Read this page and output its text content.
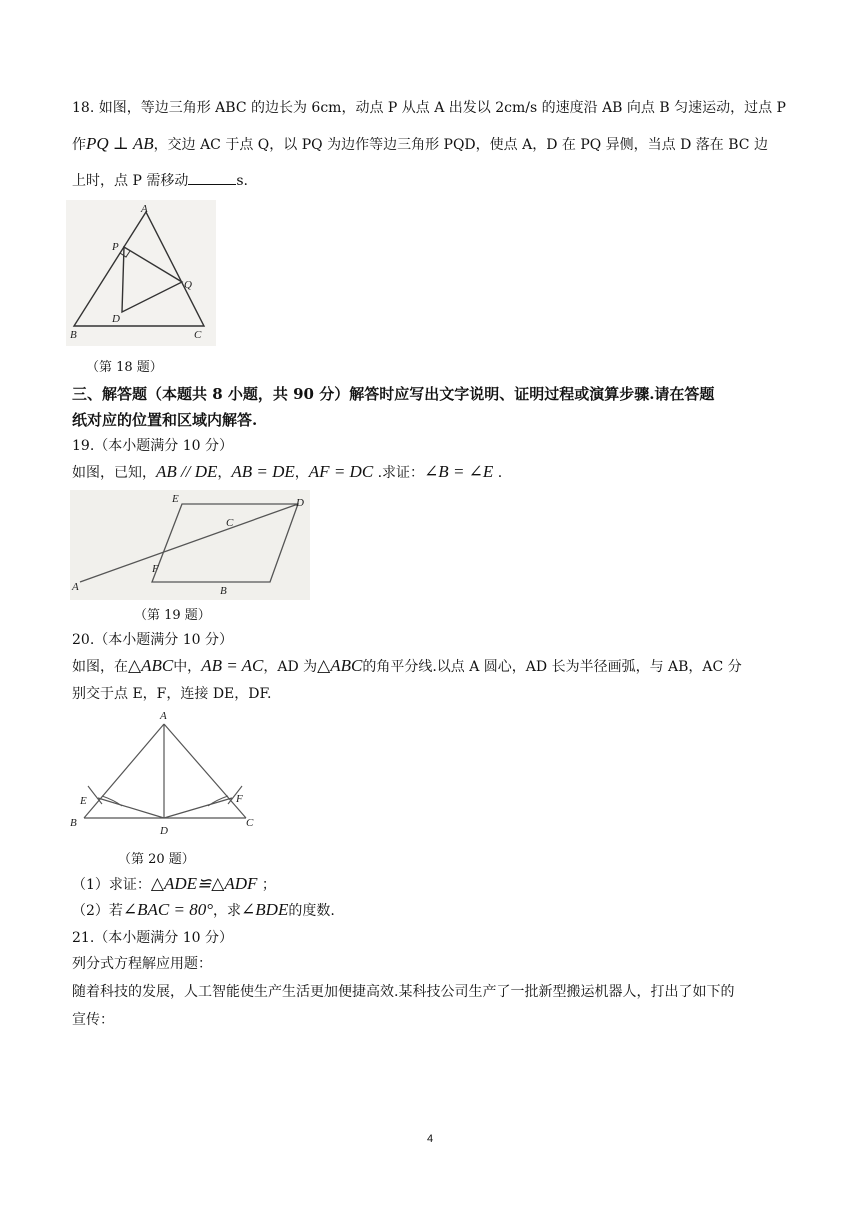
18. 如图，等边三角形 ABC 的边长为 6cm，动点 P 从点 A 出发以 2cm/s 的速度沿 AB 向点 B 匀速运动，过点 P
作PQ ⊥ AB，交边 AC 于点 Q，以 PQ 为边作等边三角形 PQD，使点 A，D 在 PQ 异侧，当点 D 落在 BC 边
上时，点 P 需移动	s.
A
P
Q
D
B	C
（第 18 题）
三、解答题（本题共 8 小题，共 90 分）解答时应写出文字说明、证明过程或演算步骤.请在答题
纸对应的位置和区域内解答.
19.（本小题满分 10 分）
如图，已知，AB // DE，AB = DE，AF = DC .求证：∠B = ∠E .
E	D
C
F
A	B
（第 19 题）
20.（本小题满分 10 分）
如图，在△ABC中，AB = AC，AD 为△ABC的角平分线.以点 A 圆心，AD 长为半径画弧，与 AB，AC 分
别交于点 E，F，连接 DE，DF.
A
E	F
B	C
D
（第 20 题）
（1）求证：△ADE≌△ADF ；
（2）若∠BAC = 80°，求∠BDE的度数.
21.（本小题满分 10 分）
列分式方程解应用题：
随着科技的发展，人工智能使生产生活更加便捷高效.某科技公司生产了一批新型搬运机器人，打出了如下的
宣传：
4
